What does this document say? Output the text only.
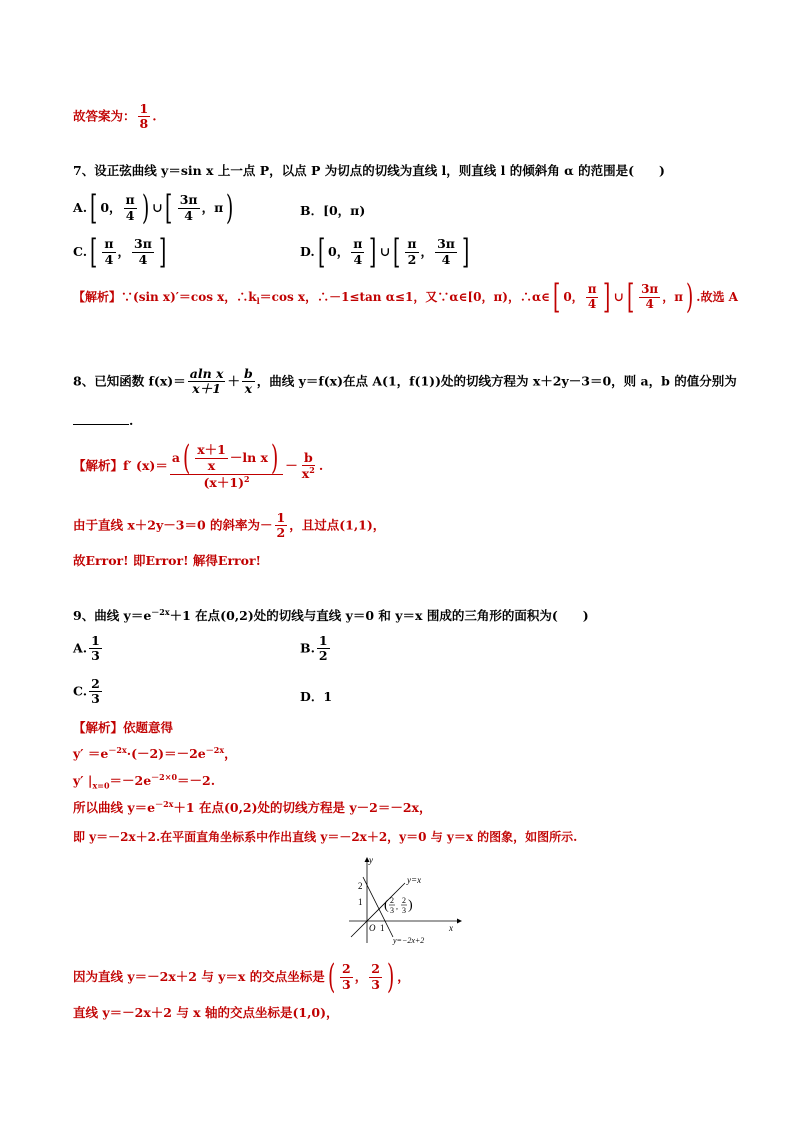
故答案为： $\frac{1}{8}$ .
7、设正弦曲线 y＝sin x 上一点 P，以点 P 为切点的切线为直线 l，则直线 l 的倾斜角 α 的范围是(　　)
A.[ 0， $\frac{\pi}{4}$ ) ∪[ $\frac{3\pi}{4}$ ，π)	B．[0，π)
$C.[ \frac{\pi}{4}$ ， $\frac{3\pi}{4}$ ]	D.[ 0， $\frac{\pi}{4}$ ] ∪[ $\frac{\pi}{2}$ ， $\frac{3\pi}{4}$ ]
【解析】∵(sin x)′＝cos x，$\therefore k_l=\cos$ x，∴－1≤tan α≤1，又∵α∈[0，π)，∴α∈[ 0， $\frac{\pi}{4}$ ] ∪[ $\frac{3\pi}{4}$ ，π) .故选 A
8、已知函数 $f(x)= \frac{\text{aln x}}{x+1} + \frac{b}{x}$ ，曲线 y＝f(x)在点 A(1，f(1))处的切线方程为 x＋2y－3＝0，则 a，b 的值分别为
.
【解析】f′ $(x)= \frac{a( \frac{x+1}{x} -\ln x)}{(x+1)^2} - \frac{b}{x^2}$ .
由于直线 x＋2y－3＝0 的斜率为－ $\frac{1}{2}$ ，且过点(1,1)，
故Error! 即Error! 解得Error!
9、曲线 $y=e^{-2x}+1$ 在点(0,2)处的切线与直线 y＝0 和 y＝x 围成的三角形的面积为(　　)
A. $\frac{1}{3}$	B. $\frac{1}{2}$
C. $\frac{2}{3}$	D．1
【解析】依题意得
$y' =e^{-2x}\cdot(-2)=-2e^{-2x}$，
y′ $|_{x=0}=-2e^{-2\times 0}=-2$.
所以曲线 $y=e^{-2x}+1$ 在点(0,2)处的切线方程是 y－2＝－2x，
即 y＝－2x＋2.在平面直角坐标系中作出直线 y＝－2x＋2，y＝0 与 y＝x 的图象，如图所示.
y
x
O 1
1
2
y=x
y=−2x+2
( 2
3 ,
2
3 )
因为直线 y＝－2x＋2 与 y＝x 的交点坐标是( $\frac{2}{3}$ ， $\frac{2}{3}$ ) ，
直线 y＝－2x＋2 与 x 轴的交点坐标是(1,0)，
